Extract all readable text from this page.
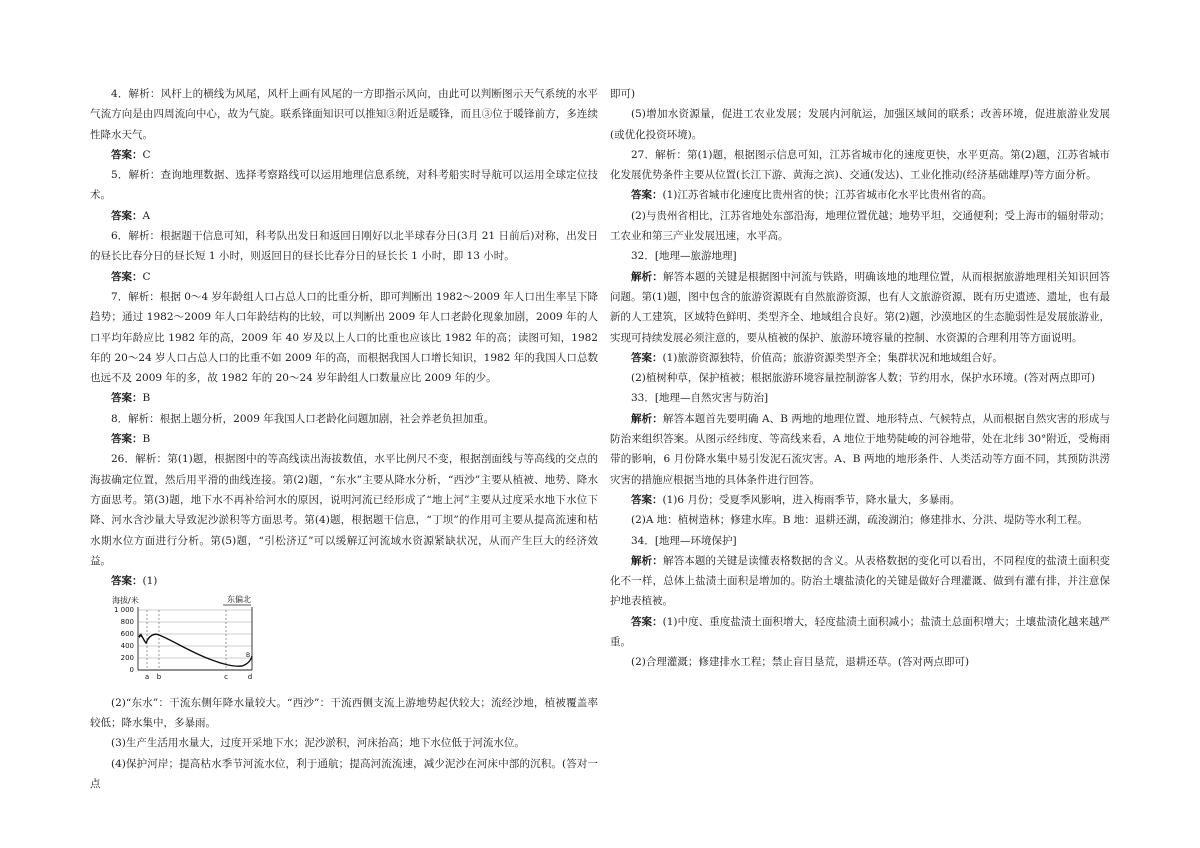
4．解析：风杆上的横线为风尾，风杆上画有风尾的一方即指示风向，由此可以判断图示天气系统的水平气流方向是由四周流向中心，故为气旋。联系锋面知识可以推知③附近是暖锋，而且③位于暖锋前方，多连续性降水天气。

答案：C

5．解析：查询地理数据、选择考察路线可以运用地理信息系统，对科考船实时导航可以运用全球定位技术。

答案：A

6．解析：根据题干信息可知，科考队出发日和返回日刚好以北半球春分日(3月 21 日前后)对称，出发日的昼长比春分日的昼长短 1 小时，则返回日的昼长比春分日的昼长长 1 小时，即 13 小时。

答案：C

7．解析：根据 0～4 岁年龄组人口占总人口的比重分析，即可判断出 1982～2009 年人口出生率呈下降趋势；通过 1982～2009 年人口年龄结构的比较，可以判断出 2009 年人口老龄化现象加剧，2009 年的人口平均年龄应比 1982 年的高，2009 年 40 岁及以上人口的比重也应该比 1982 年的高；读图可知，1982 年的 20～24 岁人口占总人口的比重不如 2009 年的高，而根据我国人口增长知识，1982 年的我国人口总数也远不及 2009 年的多，故 1982 年的 20～24 岁年龄组人口数量应比 2009 年的少。

答案：B

8．解析：根据上题分析，2009 年我国人口老龄化问题加剧，社会养老负担加重。

答案：B

26．解析：第(1)题，根据图中的等高线读出海拔数值，水平比例尺不变，根据剖面线与等高线的交点的海拔确定位置，然后用平滑的曲线连接。第(2)题，“东水”主要从降水分析，“西沙”主要从植被、地势、降水方面思考。第(3)题，地下水不再补给河水的原因，说明河流已经形成了“地上河”主要从过度采水地下水位下降、河水含沙量大导致泥沙淤积等方面思考。第(4)题，根据题干信息，“丁坝”的作用可主要从提高流速和枯水期水位方面进行分析。第(5)题，“引松济辽”可以缓解辽河流域水资源紧缺状况，从而产生巨大的经济效益。

答案：(1)

海拔/米	东偏北
1 000
800
600
400
200
0
A
B
a b	c	d

(2)“东水”：干流东侧年降水量较大。“西沙”：干流西侧支流上游地势起伏较大；流经沙地，植被覆盖率较低；降水集中，多暴雨。

(3)生产生活用水量大，过度开采地下水；泥沙淤积，河床抬高；地下水位低于河流水位。

(4)保护河岸；提高枯水季节河流水位，利于通航；提高河流流速，减少泥沙在河床中部的沉积。(答对一点

即可)

(5)增加水资源量，促进工农业发展；发展内河航运，加强区域间的联系；改善环境，促进旅游业发展(或优化投资环境)。

27．解析：第(1)题，根据图示信息可知，江苏省城市化的速度更快，水平更高。第(2)题，江苏省城市化发展优势条件主要从位置(长江下游、黄海之滨)、交通(发达)、工业化推动(经济基础雄厚)等方面分析。

答案：(1)江苏省城市化速度比贵州省的快；江苏省城市化水平比贵州省的高。

(2)与贵州省相比，江苏省地处东部沿海，地理位置优越；地势平坦，交通便利；受上海市的辐射带动；工农业和第三产业发展迅速，水平高。

32．[地理—旅游地理]

解析：解答本题的关键是根据图中河流与铁路，明确该地的地理位置，从而根据旅游地理相关知识回答问题。第(1)题，图中包含的旅游资源既有自然旅游资源，也有人文旅游资源，既有历史遗迹、遗址，也有最新的人工建筑，区域特色鲜明、类型齐全、地域组合良好。第(2)题，沙漠地区的生态脆弱性是发展旅游业，实现可持续发展必须注意的，要从植被的保护、旅游环境容量的控制、水资源的合理利用等方面说明。

答案：(1)旅游资源独特，价值高；旅游资源类型齐全；集群状况和地域组合好。

(2)植树种草，保护植被；根据旅游环境容量控制游客人数；节约用水，保护水环境。(答对两点即可)

33．[地理—自然灾害与防治]

解析：解答本题首先要明确 A、B 两地的地理位置、地形特点、气候特点，从而根据自然灾害的形成与防治来组织答案。从图示经纬度、等高线来看，A 地位于地势陡峻的河谷地带，处在北纬 30°附近，受梅雨带的影响，6 月份降水集中易引发泥石流灾害。A、B 两地的地形条件、人类活动等方面不同，其预防洪涝灾害的措施应根据当地的具体条件进行回答。

答案：(1)6 月份；受夏季风影响，进入梅雨季节，降水量大，多暴雨。

(2)A 地：植树造林；修建水库。B 地：退耕还湖，疏浚湖泊；修建排水、分洪、堤防等水利工程。

34．[地理—环境保护]

解析：解答本题的关键是读懂表格数据的含义。从表格数据的变化可以看出，不同程度的盐渍土面积变化不一样，总体上盐渍土面积是增加的。防治土壤盐渍化的关键是做好合理灌溉、做到有灌有排，并注意保护地表植被。

答案：(1)中度、重度盐渍土面积增大，轻度盐渍土面积减小；盐渍土总面积增大；土壤盐渍化越来越严重。

(2)合理灌溉；修建排水工程；禁止盲目垦荒，退耕还草。(答对两点即可)
